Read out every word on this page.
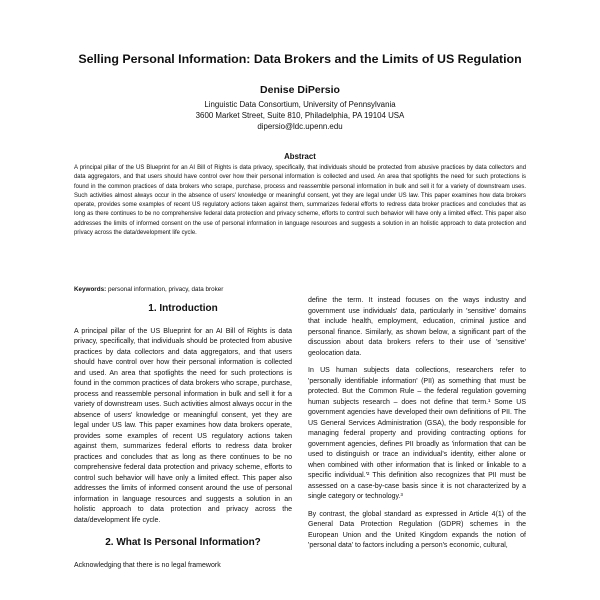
Selling Personal Information: Data Brokers and the Limits of US Regulation
Denise DiPersio
Linguistic Data Consortium, University of Pennsylvania
3600 Market Street, Suite 810, Philadelphia, PA 19104 USA
dipersio@ldc.upenn.edu
Abstract

A principal pillar of the US Blueprint for an AI Bill of Rights is data privacy, specifically, that individuals should be protected from abusive practices by data collectors and data aggregators, and that users should have control over how their personal information is collected and used. An area that spotlights the need for such protections is found in the common practices of data brokers who scrape, purchase, process and reassemble personal information in bulk and sell it for a variety of downstream uses. Such activities almost always occur in the absence of users' knowledge or meaningful consent, yet they are legal under US law. This paper examines how data brokers operate, provides some examples of recent US regulatory actions taken against them, summarizes federal efforts to redress data broker practices and concludes that as long as there continues to be no comprehensive federal data protection and privacy scheme, efforts to control such behavior will have only a limited effect. This paper also addresses the limits of informed consent on the use of personal information in language resources and suggests a solution in an holistic approach to data protection and privacy across the data/development life cycle.

Keywords: personal information, privacy, data broker

1. Introduction

A principal pillar of the US Blueprint for an AI Bill of Rights is data privacy, specifically, that individuals should be protected from abusive practices by data collectors and data aggregators, and that users should have control over how their personal information is collected and used. An area that spotlights the need for such protections is found in the common practices of data brokers who scrape, purchase, process and reassemble personal information in bulk and sell it for a variety of downstream uses. Such activities almost always occur in the absence of users' knowledge or meaningful consent, yet they are legal under US law. This paper examines how data brokers operate, provides some examples of recent US regulatory actions taken against them, summarizes federal efforts to redress data broker practices and concludes that as long as there continues to be no comprehensive federal data protection and privacy scheme, efforts to control such behavior will have only a limited effect. This paper also addresses the limits of informed consent around the use of personal information in language resources and suggests a solution in an holistic approach to data protection and privacy across the data/development life cycle.

2. What Is Personal Information?

Acknowledging that there is no legal framework

define the term. It instead focuses on the ways industry and government use individuals' data, particularly in 'sensitive' domains that include health, employment, education, criminal justice and personal finance. Similarly, as shown below, a significant part of the discussion about data brokers refers to their use of 'sensitive' geolocation data.

In US human subjects data collections, researchers refer to 'personally identifiable information' (PII) as something that must be protected. But the Common Rule – the federal regulation governing human subjects research – does not define that term.¹ Some US government agencies have developed their own definitions of PII. The US General Services Administration (GSA), the body responsible for managing federal property and providing contracting options for government agencies, defines PII broadly as 'information that can be used to distinguish or trace an individual's identity, either alone or when combined with other information that is linked or linkable to a specific individual.'² This definition also recognizes that PII must be assessed on a case-by-case basis since it is not characterized by a single category or technology.³

By contrast, the global standard as expressed in Article 4(1) of the General Data Protection Regulation (GDPR) schemes in the European Union and the United Kingdom expands the notion of 'personal data' to factors including a person's economic, cultural,
